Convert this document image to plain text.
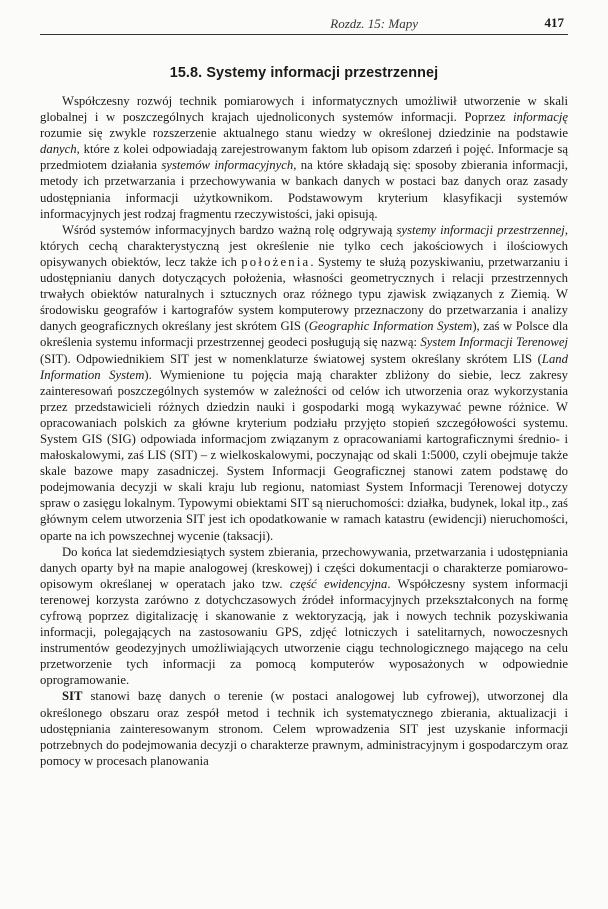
Rozdz. 15: Mapy	417
15.8. Systemy informacji przestrzennej

Współczesny rozwój technik pomiarowych i informatycznych umożliwił utworzenie w skali globalnej i w poszczególnych krajach ujednoliconych systemów informacji. Poprzez informację rozumie się zwykle rozszerzenie aktualnego stanu wiedzy w określonej dziedzinie na podstawie danych, które z kolei odpowiadają zarejestrowanym faktom lub opisom zdarzeń i pojęć. Informacje są przedmiotem działania systemów informacyjnych, na które składają się: sposoby zbierania informacji, metody ich przetwarzania i przechowywania w bankach danych w postaci baz danych oraz zasady udostępniania informacji użytkownikom. Podstawowym kryterium klasyfikacji systemów informacyjnych jest rodzaj fragmentu rzeczywistości, jaki opisują.

Wśród systemów informacyjnych bardzo ważną rolę odgrywają systemy informacji przestrzennej, których cechą charakterystyczną jest określenie nie tylko cech jakościowych i ilościowych opisywanych obiektów, lecz także ich położenia. Systemy te służą pozyskiwaniu, przetwarzaniu i udostępnianiu danych dotyczących położenia, własności geometrycznych i relacji przestrzennych trwałych obiektów naturalnych i sztucznych oraz różnego typu zjawisk związanych z Ziemią. W środowisku geografów i kartografów system komputerowy przeznaczony do przetwarzania i analizy danych geograficznych określany jest skrótem GIS (Geographic Information System), zaś w Polsce dla określenia systemu informacji przestrzennej geodeci posługują się nazwą: System Informacji Terenowej (SIT). Odpowiednikiem SIT jest w nomenklaturze światowej system określany skrótem LIS (Land Information System). Wymienione tu pojęcia mają charakter zbliżony do siebie, lecz zakresy zainteresowań poszczególnych systemów w zależności od celów ich utworzenia oraz wykorzystania przez przedstawicieli różnych dziedzin nauki i gospodarki mogą wykazywać pewne różnice. W opracowaniach polskich za główne kryterium podziału przyjęto stopień szczegółowości systemu. System GIS (SIG) odpowiada informacjom związanym z opracowaniami kartograficznymi średnio- i małoskalowymi, zaś LIS (SIT) – z wielkoskalowymi, poczynając od skali 1:5000, czyli obejmuje także skale bazowe mapy zasadniczej. System Informacji Geograficznej stanowi zatem podstawę do podejmowania decyzji w skali kraju lub regionu, natomiast System Informacji Terenowej dotyczy spraw o zasięgu lokalnym. Typowymi obiektami SIT są nieruchomości: działka, budynek, lokal itp., zaś głównym celem utworzenia SIT jest ich opodatkowanie w ramach katastru (ewidencji) nieruchomości, oparte na ich powszechnej wycenie (taksacji).

Do końca lat siedemdziesiątych system zbierania, przechowywania, przetwarzania i udostępniania danych oparty był na mapie analogowej (kreskowej) i części dokumentacji o charakterze pomiarowo-opisowym określanej w operatach jako tzw. część ewidencyjna. Współczesny system informacji terenowej korzysta zarówno z dotychczasowych źródeł informacyjnych przekształconych na formę cyfrową poprzez digitalizację i skanowanie z wektoryzacją, jak i nowych technik pozyskiwania informacji, polegających na zastosowaniu GPS, zdjęć lotniczych i satelitarnych, nowoczesnych instrumentów geodezyjnych umożliwiających utworzenie ciągu technologicznego mającego na celu przetworzenie tych informacji za pomocą komputerów wyposażonych w odpowiednie oprogramowanie.

SIT stanowi bazę danych o terenie (w postaci analogowej lub cyfrowej), utworzonej dla określonego obszaru oraz zespół metod i technik ich systematycznego zbierania, aktualizacji i udostępniania zainteresowanym stronom. Celem wprowadzenia SIT jest uzyskanie informacji potrzebnych do podejmowania decyzji o charakterze prawnym, administracyjnym i gospodarczym oraz pomocy w procesach planowania
